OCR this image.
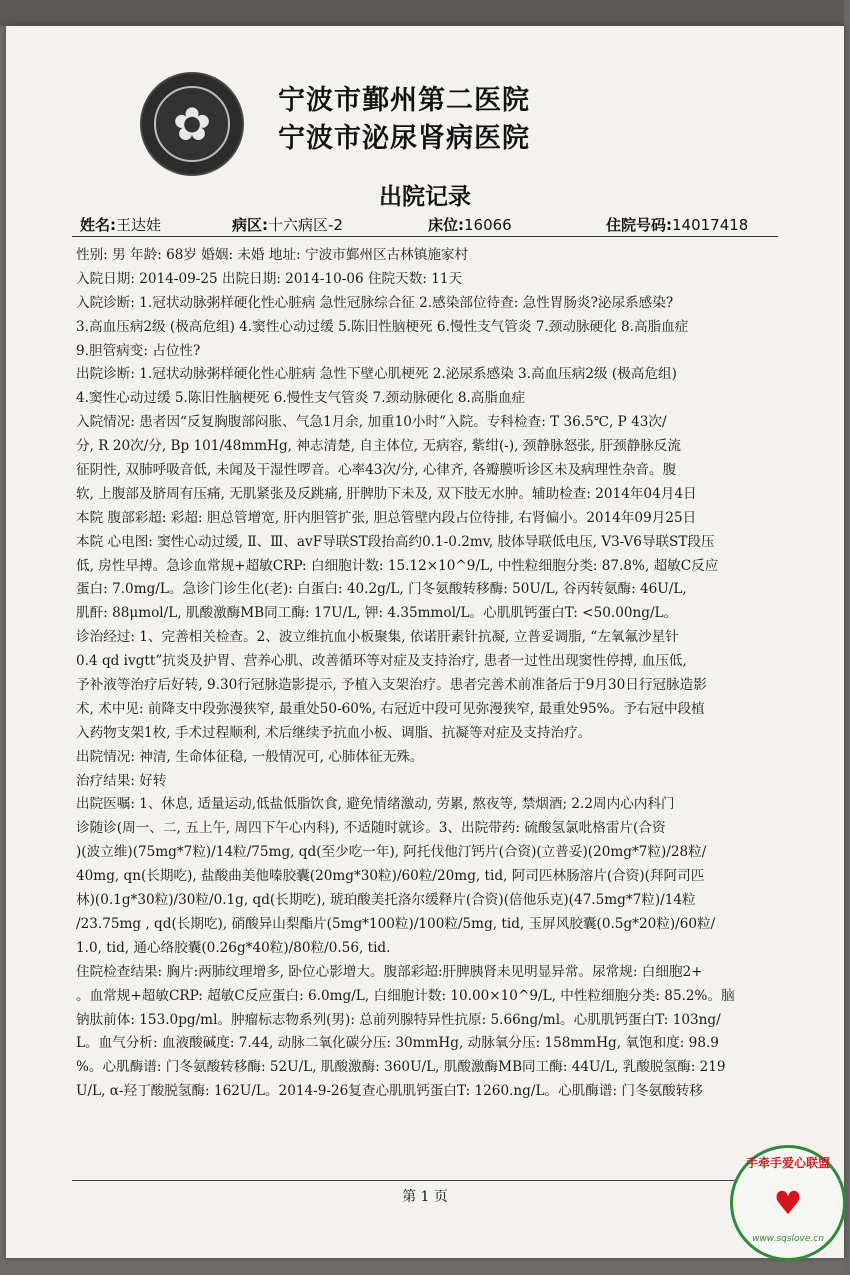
✿	宁波市鄞州第二医院
宁波市泌尿肾病医院
出院记录
姓名:王达娃	病区:十六病区-2	床位:16066	住院号码:14017418
性别: 男 年龄: 68岁 婚姻: 未婚 地址: 宁波市鄞州区古林镇施家村
入院日期: 2014-09-25 出院日期: 2014-10-06 住院天数: 11天
入院诊断: 1.冠状动脉粥样硬化性心脏病 急性冠脉综合征 2.感染部位待查: 急性胃肠炎?泌尿系感染?
3.高血压病2级 (极高危组) 4.窦性心动过缓 5.陈旧性脑梗死 6.慢性支气管炎 7.颈动脉硬化 8.高脂血症
9.胆管病变: 占位性?
出院诊断: 1.冠状动脉粥样硬化性心脏病 急性下壁心肌梗死 2.泌尿系感染 3.高血压病2级 (极高危组)
4.窦性心动过缓 5.陈旧性脑梗死 6.慢性支气管炎 7.颈动脉硬化 8.高脂血症
入院情况: 患者因“反复胸腹部闷胀、气急1月余, 加重10小时”入院。专科检查: T 36.5℃, P 43次/
分, R 20次/分, Bp 101/48mmHg, 神志清楚, 自主体位, 无病容, 紫绀(-), 颈静脉怒张, 肝颈静脉反流
征阴性, 双肺呼吸音低, 未闻及干湿性啰音。心率43次/分, 心律齐, 各瓣膜听诊区未及病理性杂音。腹
软, 上腹部及脐周有压痛, 无肌紧张及反跳痛, 肝脾肋下未及, 双下肢无水肿。辅助检查: 2014年04月4日
本院 腹部彩超: 彩超: 胆总管增宽, 肝内胆管扩张, 胆总管壁内段占位待排, 右肾偏小。2014年09月25日
本院 心电图: 窦性心动过缓, Ⅱ、Ⅲ、avF导联ST段抬高约0.1-0.2mv, 肢体导联低电压, V3-V6导联ST段压
低, 房性早搏。急诊血常规+超敏CRP: 白细胞计数: 15.12×10^9/L, 中性粒细胞分类: 87.8%, 超敏C反应
蛋白: 7.0mg/L。急诊门诊生化(老): 白蛋白: 40.2g/L, 门冬氨酸转移酶: 50U/L, 谷丙转氨酶: 46U/L,
肌酐: 88μmol/L, 肌酸激酶MB同工酶: 17U/L, 钾: 4.35mmol/L。心肌肌钙蛋白T: <50.00ng/L。
诊治经过: 1、完善相关检查。2、波立维抗血小板聚集, 依诺肝素针抗凝, 立普妥调脂, “左氧氟沙星针
0.4 qd ivgtt”抗炎及护胃、营养心肌、改善循环等对症及支持治疗, 患者一过性出现窦性停搏, 血压低,
予补液等治疗后好转, 9.30行冠脉造影提示, 予植入支架治疗。患者完善术前准备后于9月30日行冠脉造影
术, 术中见: 前降支中段弥漫狭窄, 最重处50-60%, 右冠近中段可见弥漫狭窄, 最重处95%。予右冠中段植
入药物支架1枚, 手术过程顺利, 术后继续予抗血小板、调脂、抗凝等对症及支持治疗。
出院情况: 神清, 生命体征稳, 一般情况可, 心肺体征无殊。
治疗结果: 好转
出院医嘱: 1、休息, 适量运动,低盐低脂饮食, 避免情绪激动, 劳累, 熬夜等, 禁烟酒; 2.2周内心内科门
诊随诊(周一、二, 五上午, 周四下午心内科), 不适随时就诊。3、出院带药: 硫酸氢氯吡格雷片(合资
)(波立维)(75mg*7粒)/14粒/75mg, qd(至少吃一年), 阿托伐他汀钙片(合资)(立普妥)(20mg*7粒)/28粒/
40mg, qn(长期吃), 盐酸曲美他嗪胶囊(20mg*30粒)/60粒/20mg, tid, 阿司匹林肠溶片(合资)(拜阿司匹
林)(0.1g*30粒)/30粒/0.1g, qd(长期吃), 琥珀酸美托洛尔缓释片(合资)(倍他乐克)(47.5mg*7粒)/14粒
/23.75mg , qd(长期吃), 硝酸异山梨酯片(5mg*100粒)/100粒/5mg, tid, 玉屏风胶囊(0.5g*20粒)/60粒/
1.0, tid, 通心络胶囊(0.26g*40粒)/80粒/0.56, tid.
住院检查结果: 胸片:两肺纹理增多, 卧位心影增大。腹部彩超:肝脾胰肾未见明显异常。尿常规: 白细胞2+
。血常规+超敏CRP: 超敏C反应蛋白: 6.0mg/L, 白细胞计数: 10.00×10^9/L, 中性粒细胞分类: 85.2%。脑
钠肽前体: 153.0pg/ml。肿瘤标志物系列(男): 总前列腺特异性抗原: 5.66ng/ml。心肌肌钙蛋白T: 103ng/
L。血气分析: 血液酸碱度: 7.44, 动脉二氧化碳分压: 30mmHg, 动脉氧分压: 158mmHg, 氧饱和度: 98.9
%。心肌酶谱: 门冬氨酸转移酶: 52U/L, 肌酸激酶: 360U/L, 肌酸激酶MB同工酶: 44U/L, 乳酸脱氢酶: 219
U/L, α-羟丁酸脱氢酶: 162U/L。2014-9-26复查心肌肌钙蛋白T: 1260.ng/L。心肌酶谱: 门冬氨酸转移
第 1 页
手牵手爱心联盟
♥
www.sqslove.cn
